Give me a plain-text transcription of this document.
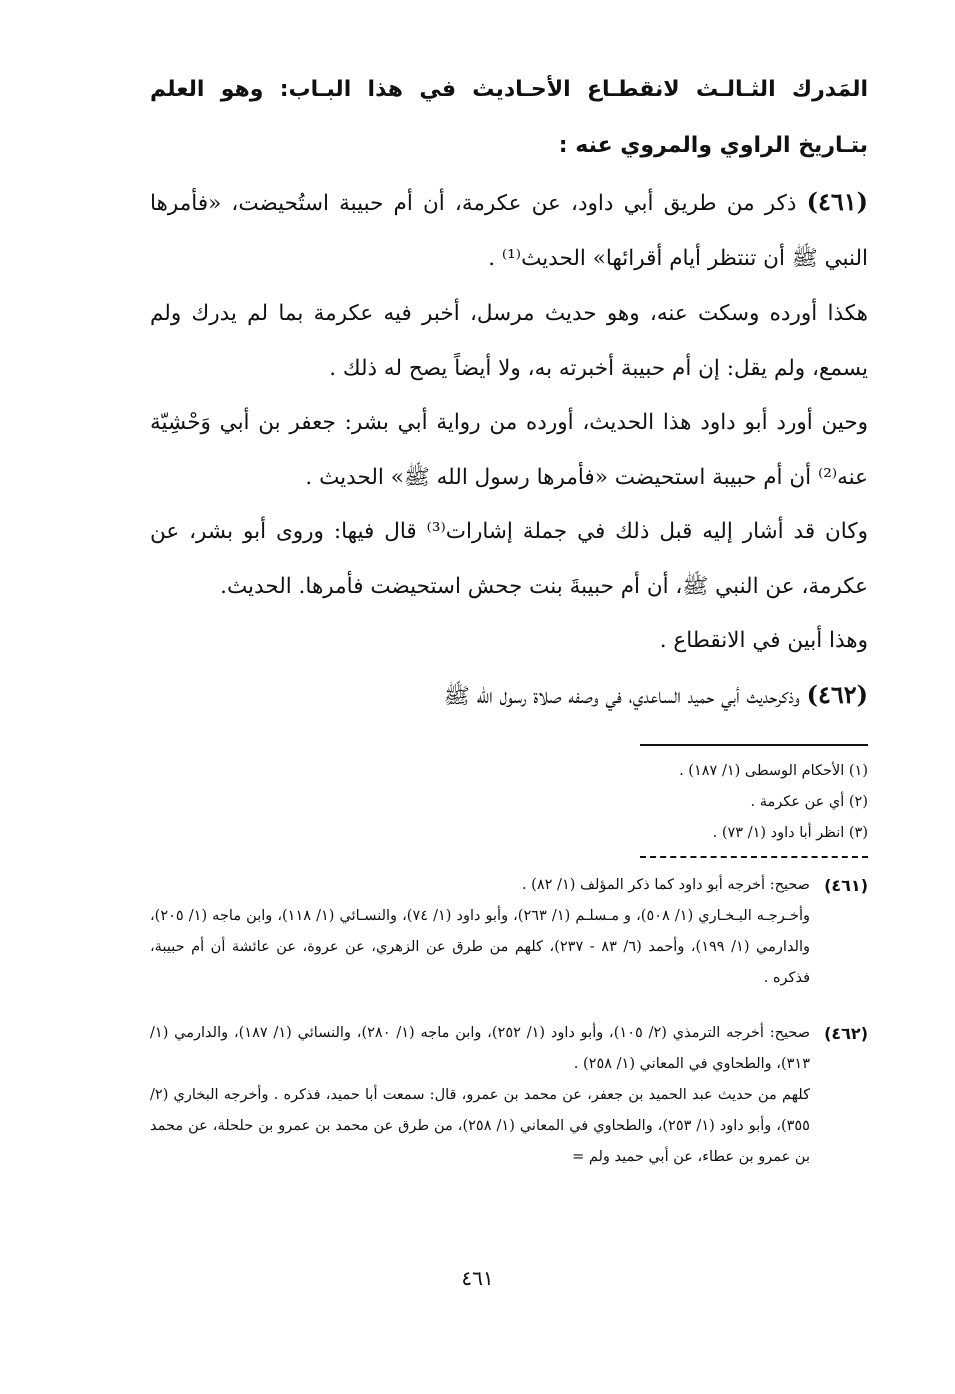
المَدرك الثـالـث لانقطـاع الأحـاديث في هذا البـاب: وهو العلم بتـاريخ الراوي والمروي عنه :
(٤٦١) ذكر من طريق أبي داود، عن عكرمة، أن أم حبيبة استُحيضت، «فأمرها النبي ﷺ أن تنتظر أيام أقرائها» الحديث⁽¹⁾ .
هكذا أورده وسكت عنه، وهو حديث مرسل، أخبر فيه عكرمة بما لم يدرك ولم يسمع، ولم يقل: إن أم حبيبة أخبرته به، ولا أيضاً يصح له ذلك .
وحين أورد أبو داود هذا الحديث، أورده من رواية أبي بشر: جعفر بن أبي وَحْشِيّة عنه⁽²⁾ أن أم حبيبة استحيضت «فأمرها رسول الله ﷺ» الحديث .
وكان قد أشار إليه قبل ذلك في جملة إشارات⁽³⁾ قال فيها: وروى أبو بشر، عن عكرمة، عن النبي ﷺ، أن أم حبيبةَ بنت جحش استحيضت فأمرها. الحديث.
وهذا أبين في الانقطاع .
(٤٦٢) وذكرحديث أبي حميد الساعدي، في وصفه صلاة رسول الله ﷺ
(١) الأحكام الوسطى (١/ ١٨٧) .
(٢) أي عن عكرمة .
(٣) انظر أبا داود (١/ ٧٣) .
(٤٦١)
صحيح: أخرجه أبو داود كما ذكر المؤلف (١/ ٨٢) .
وأخـرجـه البـخـاري (١/ ٥٠٨)، و مـسلـم (١/ ٢٦٣)، وأبو داود (١/ ٧٤)، والنسـائي (١/ ١١٨)، وابن ماجه (١/ ٢٠٥)، والدارمي (١/ ١٩٩)، وأحمد (٦/ ٨٣ - ٢٣٧)، كلهم من طرق عن الزهري، عن عروة، عن عائشة أن أم حبيبة، فذكره .
(٤٦٢)
صحيح: أخرجه الترمذي (٢/ ١٠٥)، وأبو داود (١/ ٢٥٢)، وابن ماجه (١/ ٢٨٠)، والنسائي (١/ ١٨٧)، والدارمي (١/ ٣١٣)، والطحاوي في المعاني (١/ ٢٥٨) .
كلهم من حديث عبد الحميد بن جعفر، عن محمد بن عمرو، قال: سمعت أبا حميد، فذكره . وأخرجه البخاري (٢/ ٣٥٥)، وأبو داود (١/ ٢٥٣)، والطحاوي في المعاني (١/ ٢٥٨)، من طرق عن محمد بن عمرو بن حلحلة، عن محمد بن عمرو بن عطاء، عن أبي حميد ولم =
٤٦١
